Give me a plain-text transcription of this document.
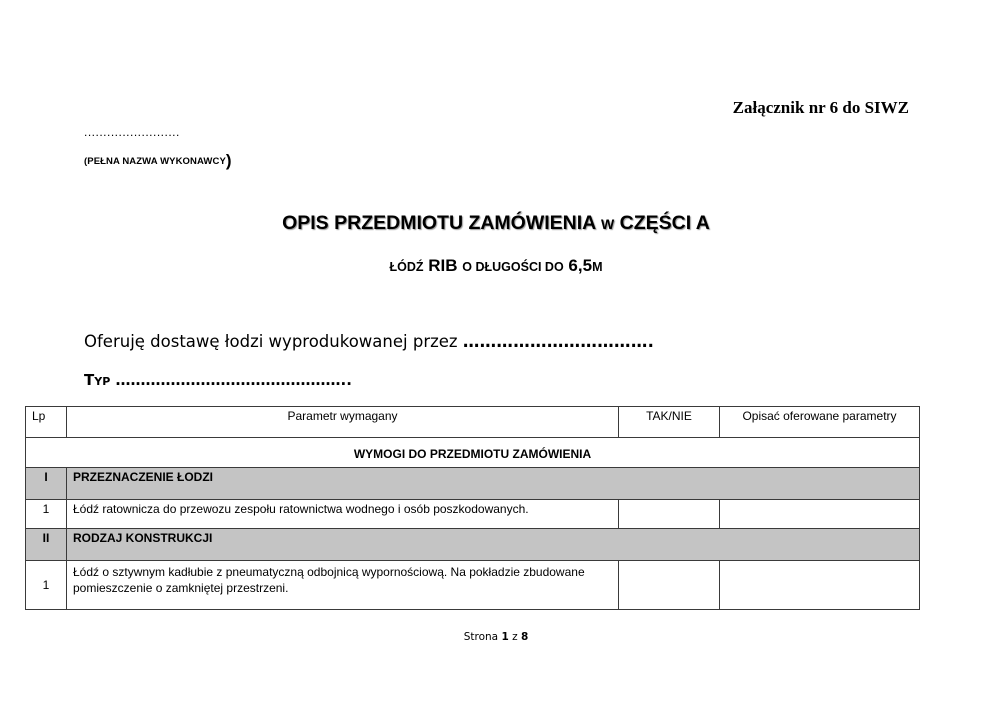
Załącznik nr 6 do SIWZ
.........................
(PEŁNA NAZWA WYKONAWCY)
OPIS PRZEDMIOTU ZAMÓWIENIA W CZĘŚCI A
ŁÓDŹ RIB O DŁUGOŚCI DO 6,5M
Oferuję dostawę łodzi wyprodukowanej przez …………………………….
TYP ………………………………………..
Lp	Parametr wymagany	TAK/NIE	Opisać oferowane parametry
WYMOGI DO PRZEDMIOTU ZAMÓWIENIA			
I	PRZEZNACZENIE ŁODZI		
1	Łódź ratownicza do przewozu zespołu ratownictwa wodnego i osób poszkodowanych.		
II	RODZAJ KONSTRUKCJI		
1	Łódź o sztywnym kadłubie z pneumatyczną odbojnicą wypornościową. Na pokładzie zbudowane pomieszczenie o zamkniętej przestrzeni.		
Strona 1 z 8
